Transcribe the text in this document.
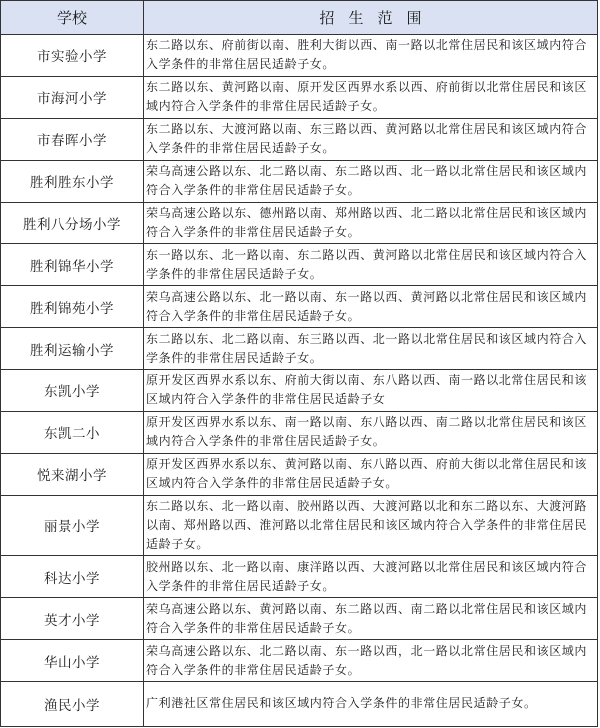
学校	招生范围
市实验小学	东二路以东、府前街以南、胜利大街以西、南一路以北常住居民和该区域内符合入学条件的非常住居民适龄子女。
市海河小学	东二路以东、黄河路以南、原开发区西界水系以西、府前街以北常住居民和该区域内符合入学条件的非常住居民适龄子女。
市春晖小学	东二路以东、大渡河路以南、东三路以西、黄河路以北常住居民和该区域内符合入学条件的非常住居民适龄子女。
胜利胜东小学	荣乌高速公路以东、北二路以南、东二路以西、北一路以北常住居民和该区域内符合入学条件的非常住居民适龄子女。
胜利八分场小学	荣乌高速公路以东、德州路以南、郑州路以西、北二路以北常住居民和该区域内符合入学条件的非常住居民适龄子女。
胜利锦华小学	东一路以东、北一路以南、东二路以西、黄河路以北常住居民和该区域内符合入学条件的非常住居民适龄子女。
胜利锦苑小学	荣乌高速公路以东、北一路以南、东一路以西、黄河路以北常住居民和该区域内符合入学条件的非常住居民适龄子女。
胜利运输小学	东二路以东、北二路以南、东三路以西、北一路以北常住居民和该区域内符合入学条件的非常住居民适龄子女。
东凯小学	原开发区西界水系以东、府前大街以南、东八路以西、南一路以北常住居民和该区域内符合入学条件的非常住居民适龄子女
东凯二小	原开发区西界水系以东、南一路以南、东八路以西、南二路以北常住居民和该区域内符合入学条件的非常住居民适龄子女。
悦来湖小学	原开发区西界水系以东、黄河路以南、东八路以西、府前大街以北常住居民和该区域内符合入学条件的非常住居民适龄子女。
丽景小学	东二路以东、北一路以南、胶州路以西、大渡河路以北和东二路以东、大渡河路以南、郑州路以西、淮河路以北常住居民和该区域内符合入学条件的非常住居民适龄子女。
科达小学	胶州路以东、北一路以南、康洋路以西、大渡河路以北常住居民和该区域内符合入学条件的非常住居民适龄子女。
英才小学	荣乌高速公路以东、黄河路以南、东二路以西、南二路以北常住居民和该区域内符合入学条件的非常住居民适龄子女。
华山小学	荣乌高速公路以东、北二路以南、东一路以西，北一路以北常住居民和该区域内符合入学条件的非常住居民适龄子女。
渔民小学	广利港社区常住居民和该区域内符合入学条件的非常住居民适龄子女。
